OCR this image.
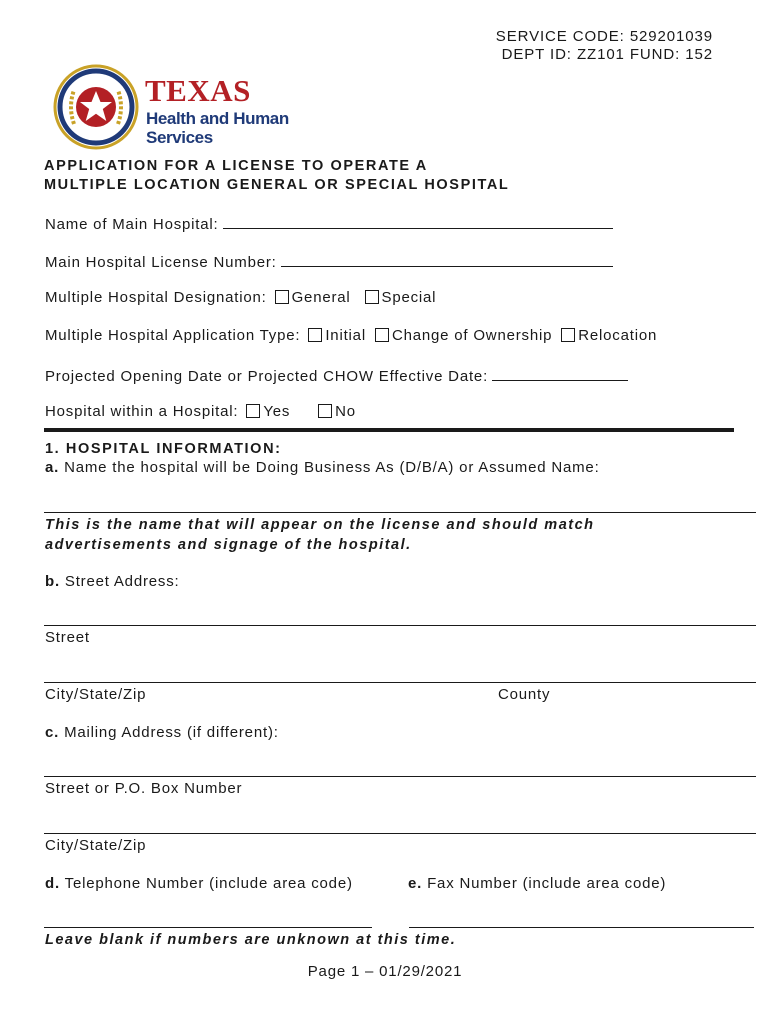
SERVICE CODE: 529201039
DEPT ID: ZZ101 FUND: 152
TEXAS
Health and Human
Services
APPLICATION FOR A LICENSE TO OPERATE A
MULTIPLE LOCATION GENERAL OR SPECIAL HOSPITAL
Name of Main Hospital:
Main Hospital License Number:
Multiple Hospital Designation: General Special
Multiple Hospital Application Type: Initial Change of Ownership Relocation
Projected Opening Date or Projected CHOW Effective Date:
Hospital within a Hospital: Yes	No
1. HOSPITAL INFORMATION:
a. Name the hospital will be Doing Business As (D/B/A) or Assumed Name:
This is the name that will appear on the license and should match
advertisements and signage of the hospital.
b. Street Address:
Street
City/State/Zip	County
c. Mailing Address (if different):
Street or P.O. Box Number
City/State/Zip
d. Telephone Number (include area code)	e. Fax Number (include area code)
Leave blank if numbers are unknown at this time.
Page 1 – 01/29/2021
